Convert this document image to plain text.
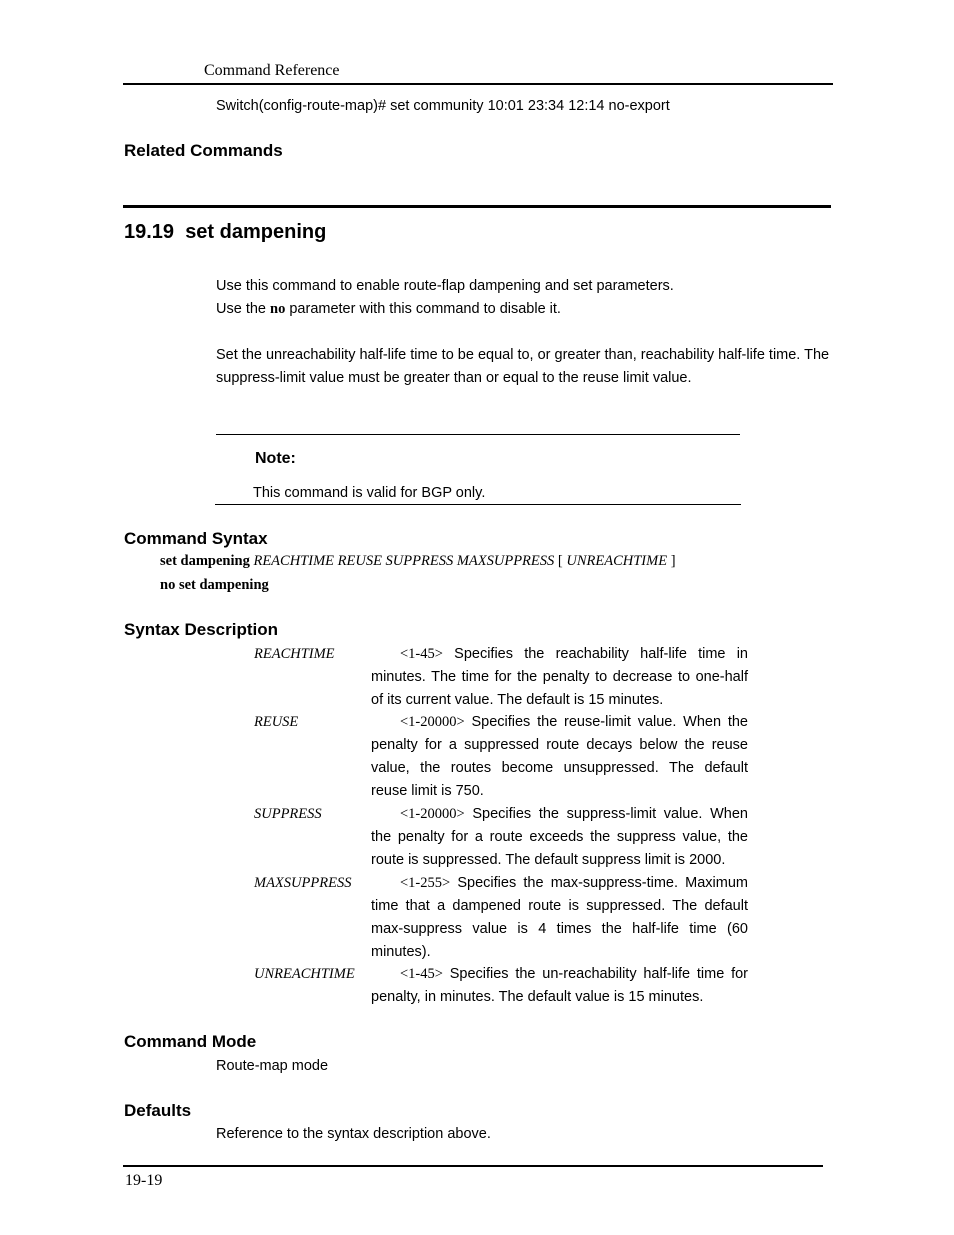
Command Reference
Switch(config-route-map)# set community 10:01 23:34 12:14 no-export
Related Commands
19.19 set dampening
Use this command to enable route-flap dampening and set parameters.
Use the no parameter with this command to disable it.
Set the unreachability half-life time to be equal to, or greater than, reachability half-life time. The
suppress-limit value must be greater than or equal to the reuse limit value.
Note:
This command is valid for BGP only.
Command Syntax
set dampening REACHTIME REUSE SUPPRESS MAXSUPPRESS [ UNREACHTIME ]
no set dampening
Syntax Description
REACHTIME	<1-45> Specifies the reachability half-life time in minutes. The time for the penalty to decrease to one-half of its current value. The default is 15 minutes.
REUSE	<1-20000> Specifies the reuse-limit value. When the penalty for a suppressed route decays below the reuse value, the routes become unsuppressed. The default reuse limit is 750.
SUPPRESS	<1-20000> Specifies the suppress-limit value. When the penalty for a route exceeds the suppress value, the route is suppressed. The default suppress limit is 2000.
MAXSUPPRESS	<1-255> Specifies the max-suppress-time. Maximum time that a dampened route is suppressed. The default max-suppress value is 4 times the half-life time (60 minutes).
UNREACHTIME	<1-45> Specifies the un-reachability half-life time for penalty, in minutes. The default value is 15 minutes.
Command Mode
Route-map mode
Defaults
Reference to the syntax description above.
19-19
